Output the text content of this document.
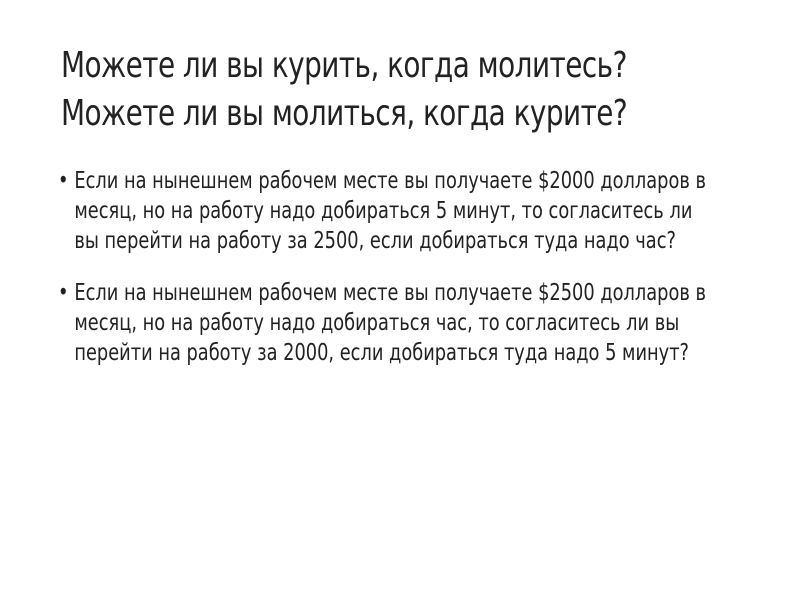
Можете ли вы курить, когда молитесь?
Можете ли вы молиться, когда курите?
• Если на нынешнем рабочем месте вы получаете $2000 долларов в
месяц, но на работу надо добираться 5 минут, то согласитесь ли
вы перейти на работу за 2500, если добираться туда надо час?
• Если на нынешнем рабочем месте вы получаете $2500 долларов в
месяц, но на работу надо добираться час, то согласитесь ли вы
перейти на работу за 2000, если добираться туда надо 5 минут?
